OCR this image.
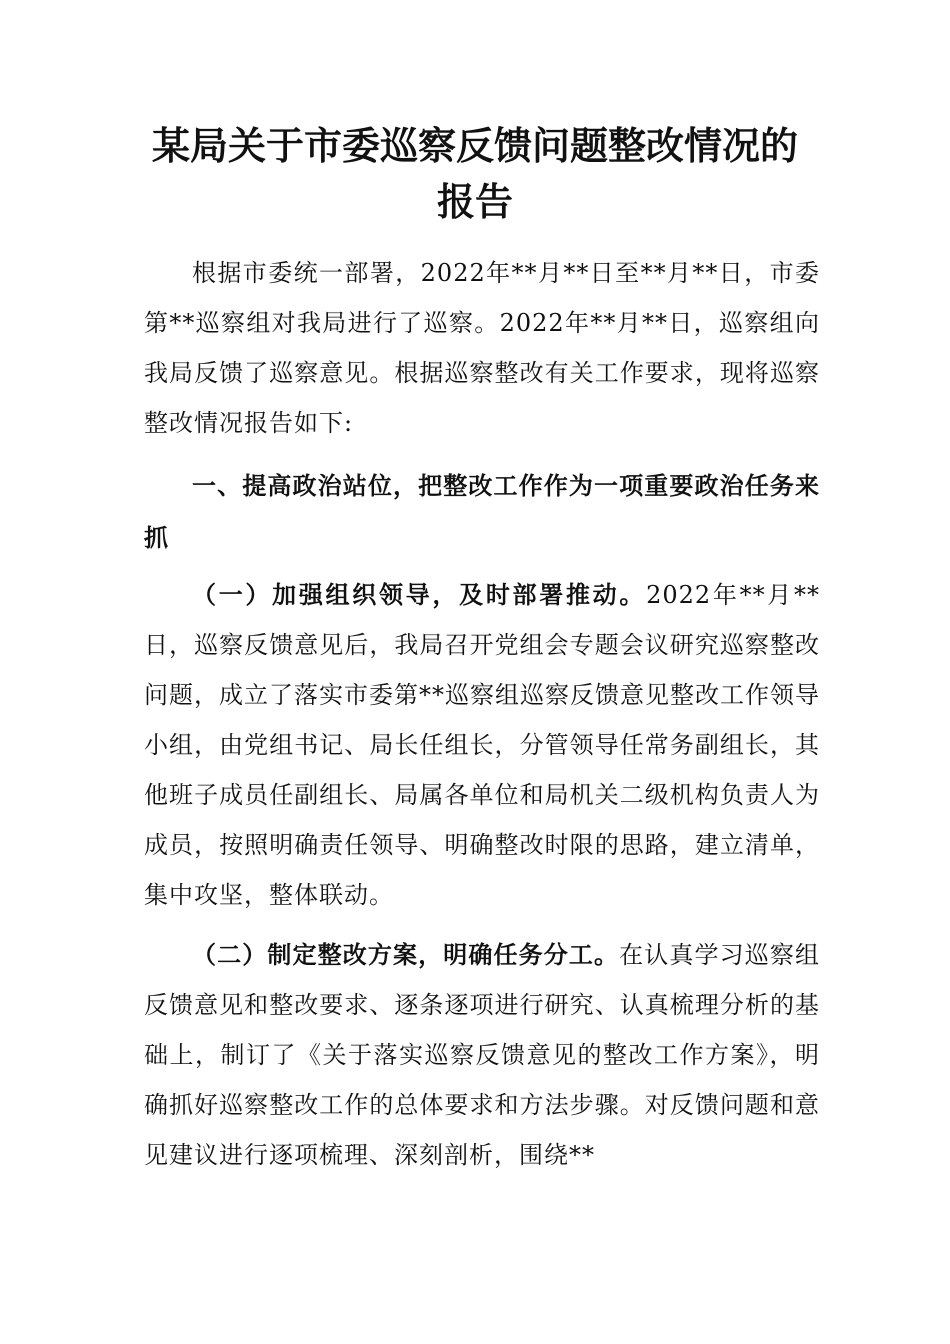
某局关于市委巡察反馈问题整改情况的报告

根据市委统一部署，2022年**月**日至**月**日，市委第**巡察组对我局进行了巡察。2022年**月**日，巡察组向我局反馈了巡察意见。根据巡察整改有关工作要求，现将巡察整改情况报告如下:

一、提高政治站位，把整改工作作为一项重要政治任务来抓

（一）加强组织领导，及时部署推动。2022年**月**日，巡察反馈意见后，我局召开党组会专题会议研究巡察整改问题，成立了落实市委第**巡察组巡察反馈意见整改工作领导小组，由党组书记、局长任组长，分管领导任常务副组长，其他班子成员任副组长、局属各单位和局机关二级机构负责人为成员，按照明确责任领导、明确整改时限的思路，建立清单，集中攻坚，整体联动。

（二）制定整改方案，明确任务分工。在认真学习巡察组反馈意见和整改要求、逐条逐项进行研究、认真梳理分析的基础上，制订了《关于落实巡察反馈意见的整改工作方案》，明确抓好巡察整改工作的总体要求和方法步骤。对反馈问题和意见建议进行逐项梳理、深刻剖析，围绕**
